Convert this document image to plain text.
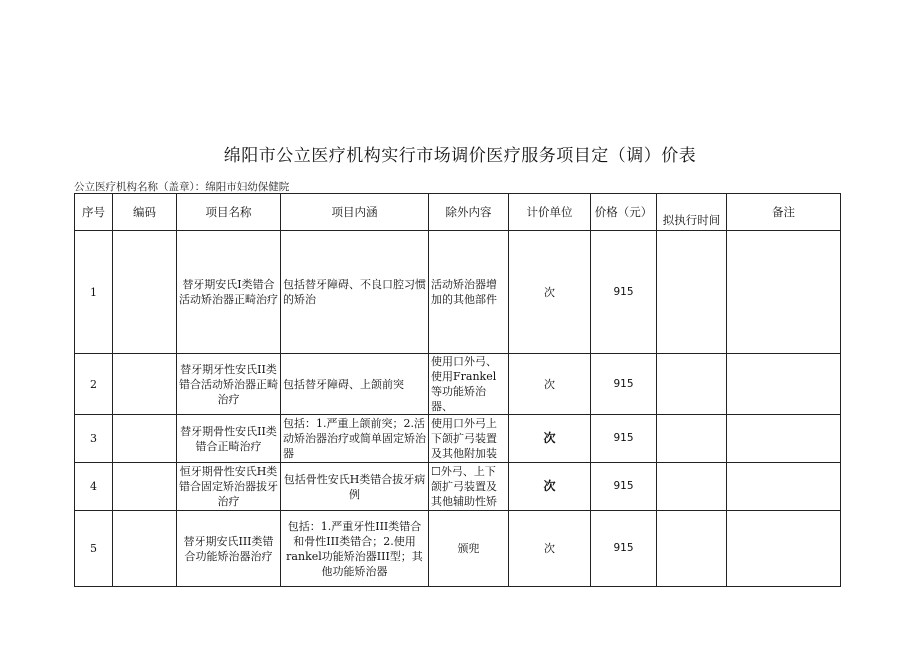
绵阳市公立医疗机构实行市场调价医疗服务项目定（调）价表
公立医疗机构名称（盖章）：绵阳市妇幼保健院
序号	编码	项目名称	项目内涵	除外内容	计价单位	价格（元）	拟执行时间	备注
1		替牙期安氏I类错合活动矫治器正畸治疗	包括替牙障碍、不良口腔习惯的矫治	活动矫治器增加的其他部件	次	915		
2		替牙期牙性安氏II类错合活动矫治器正畸治疗	包括替牙障碍、上颌前突	使用口外弓、使用Frankel等功能矫治器、	次	915		
3		替牙期骨性安氏II类错合正畸治疗	包括：1.严重上颌前突；2.活动矫治器治疗或简单固定矫治器	使用口外弓上下颌扩弓装置及其他附加装	次	915		
4		恒牙期骨性安氏H类错合固定矫治器拔牙治疗	包括骨性安氏H类错合拔牙病例	☐外弓、上下颌扩弓装置及其他辅助性矫	次	915		
5		替牙期安氏III类错合功能矫治器治疗	包括：1.严重牙性III类错合和骨性III类错合；2.使用rankel功能矫治器III型；其他功能矫治器	颁兜	次	915		
